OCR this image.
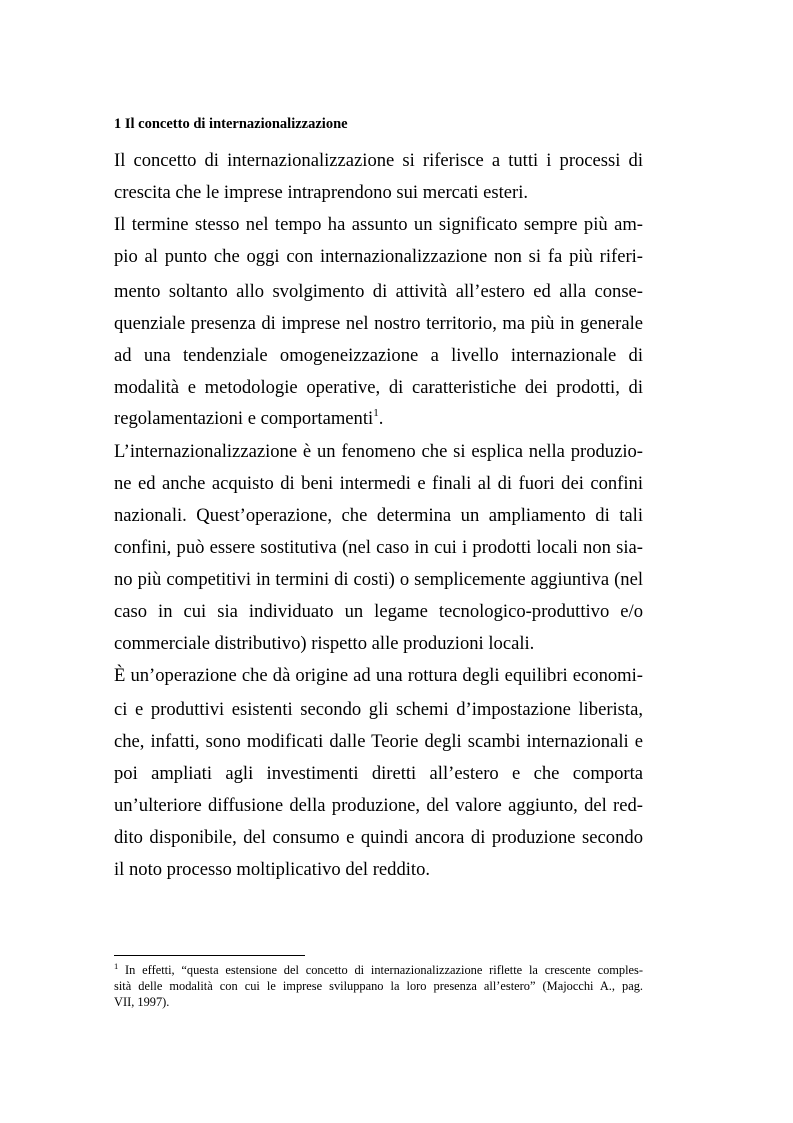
1 Il concetto di internazionalizzazione
Il concetto di internazionalizzazione si riferisce a tutti i processi di
crescita che le imprese intraprendono sui mercati esteri.
Il termine stesso nel tempo ha assunto un significato sempre più am-
pio al punto che oggi con internazionalizzazione non si fa più riferi-
mento soltanto allo svolgimento di attività all’estero ed alla conse-
quenziale presenza di imprese nel nostro territorio, ma più in generale
ad una tendenziale omogeneizzazione a livello internazionale di
modalità e metodologie operative, di caratteristiche dei prodotti, di
regolamentazioni e comportamenti$^1$.
L’internazionalizzazione è un fenomeno che si esplica nella produzio-
ne ed anche acquisto di beni intermedi e finali al di fuori dei confini
nazionali. Quest’operazione, che determina un ampliamento di tali
confini, può essere sostitutiva (nel caso in cui i prodotti locali non sia-
no più competitivi in termini di costi) o semplicemente aggiuntiva (nel
caso in cui sia individuato un legame tecnologico-produttivo e/o
commerciale distributivo) rispetto alle produzioni locali.
È un’operazione che dà origine ad una rottura degli equilibri economi-
ci e produttivi esistenti secondo gli schemi d’impostazione liberista,
che, infatti, sono modificati dalle Teorie degli scambi internazionali e
poi ampliati agli investimenti diretti all’estero e che comporta
un’ulteriore diffusione della produzione, del valore aggiunto, del red-
dito disponibile, del consumo e quindi ancora di produzione secondo
il noto processo moltiplicativo del reddito.
$^1$ In effetti, “questa estensione del concetto di internazionalizzazione riflette la crescente comples-
sità delle modalità con cui le imprese sviluppano la loro presenza all’estero” (Majocchi A., pag.
VII, 1997).
